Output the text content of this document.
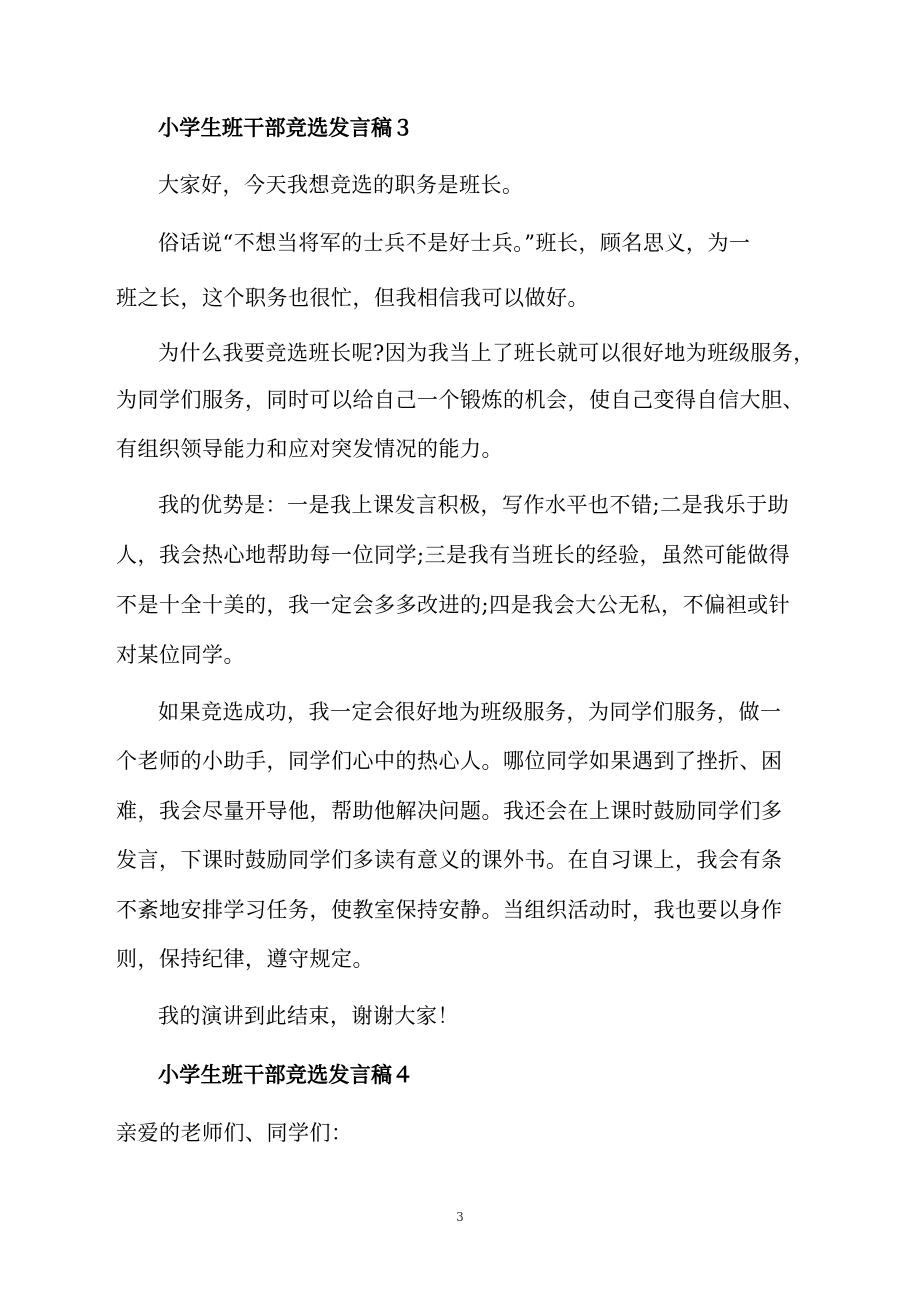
小学生班干部竞选发言稿３
大家好，今天我想竞选的职务是班长。
俗话说“不想当将军的士兵不是好士兵。”班长，顾名思义，为一
班之长，这个职务也很忙，但我相信我可以做好。
为什么我要竞选班长呢?因为我当上了班长就可以很好地为班级服务，
为同学们服务，同时可以给自己一个锻炼的机会，使自己变得自信大胆、
有组织领导能力和应对突发情况的能力。
我的优势是：一是我上课发言积极，写作水平也不错;二是我乐于助
人，我会热心地帮助每一位同学;三是我有当班长的经验，虽然可能做得
不是十全十美的，我一定会多多改进的;四是我会大公无私，不偏袒或针
对某位同学。
如果竞选成功，我一定会很好地为班级服务，为同学们服务，做一
个老师的小助手，同学们心中的热心人。哪位同学如果遇到了挫折、困
难，我会尽量开导他，帮助他解决问题。我还会在上课时鼓励同学们多
发言，下课时鼓励同学们多读有意义的课外书。在自习课上，我会有条
不紊地安排学习任务，使教室保持安静。当组织活动时，我也要以身作
则，保持纪律，遵守规定。
我的演讲到此结束，谢谢大家！
小学生班干部竞选发言稿４
亲爱的老师们、同学们：
3
